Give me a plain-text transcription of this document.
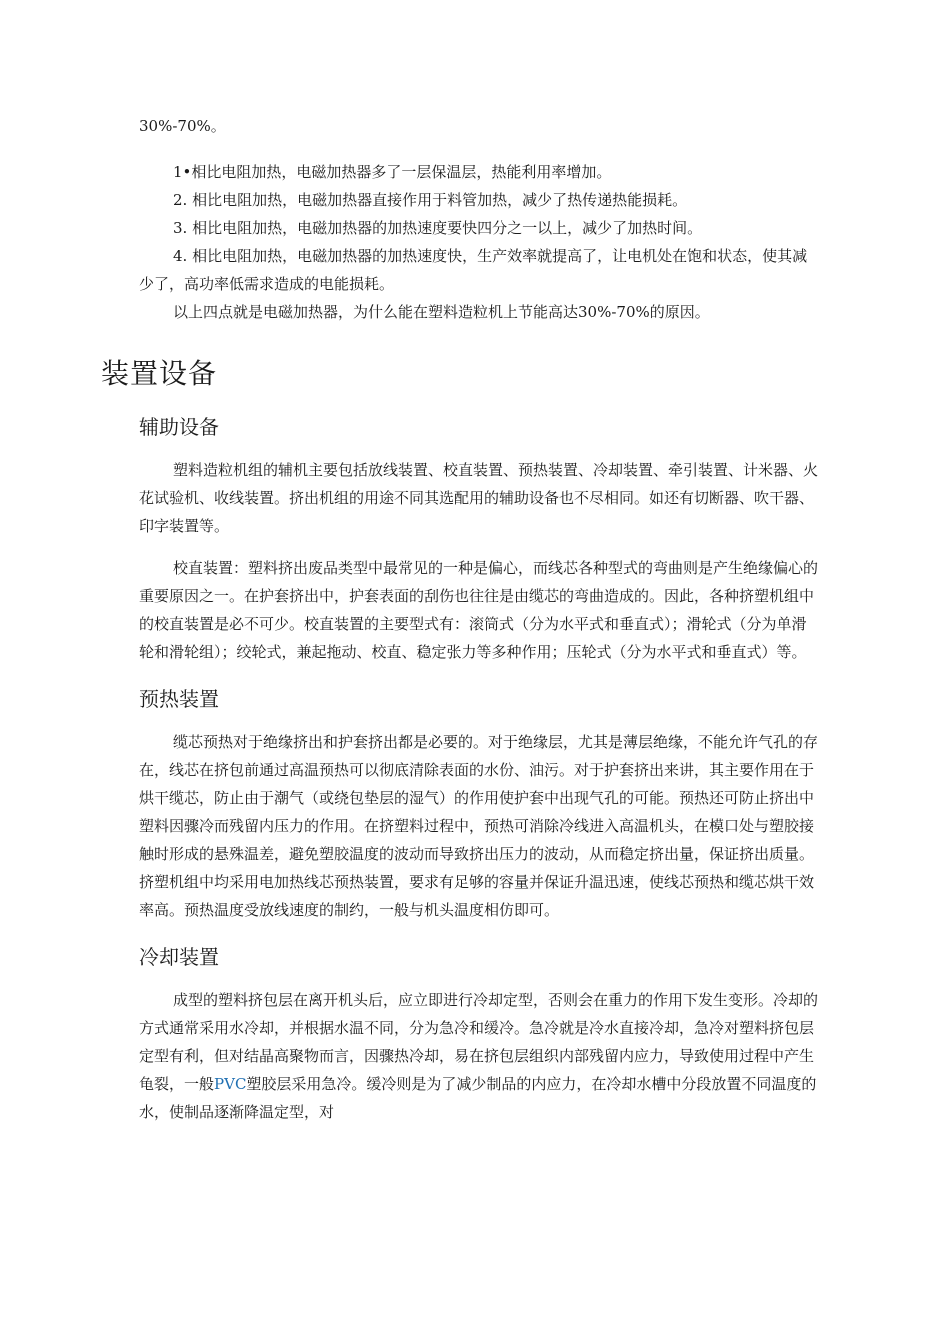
30%-70%。

1•相比电阻加热，电磁加热器多了一层保温层，热能利用率增加。
2. 相比电阻加热，电磁加热器直接作用于料管加热，减少了热传递热能损耗。
3. 相比电阻加热，电磁加热器的加热速度要快四分之一以上，减少了加热时间。
4. 相比电阻加热，电磁加热器的加热速度快，生产效率就提高了，让电机处在饱和状态，使其减少了，高功率低需求造成的电能损耗。

以上四点就是电磁加热器，为什么能在塑料造粒机上节能高达30%-70%的原因。

装置设备
辅助设备

塑料造粒机组的辅机主要包括放线装置、校直装置、预热装置、冷却装置、牵引装置、计米器、火花试验机、收线装置。挤出机组的用途不同其选配用的辅助设备也不尽相同。如还有切断器、吹干器、印字装置等。

校直装置：塑料挤出废品类型中最常见的一种是偏心，而线芯各种型式的弯曲则是产生绝缘偏心的重要原因之一。在护套挤出中，护套表面的刮伤也往往是由缆芯的弯曲造成的。因此，各种挤塑机组中的校直装置是必不可少。校直装置的主要型式有：滚筒式（分为水平式和垂直式）；滑轮式（分为单滑轮和滑轮组）；绞轮式，兼起拖动、校直、稳定张力等多种作用；压轮式（分为水平式和垂直式）等。

预热装置

缆芯预热对于绝缘挤出和护套挤出都是必要的。对于绝缘层，尤其是薄层绝缘，不能允许气孔的存在，线芯在挤包前通过高温预热可以彻底清除表面的水份、油污。对于护套挤出来讲，其主要作用在于烘干缆芯，防止由于潮气（或绕包垫层的湿气）的作用使护套中出现气孔的可能。预热还可防止挤出中塑料因骤冷而残留内压力的作用。在挤塑料过程中，预热可消除冷线进入高温机头，在模口处与塑胶接触时形成的悬殊温差，避免塑胶温度的波动而导致挤出压力的波动，从而稳定挤出量，保证挤出质量。挤塑机组中均采用电加热线芯预热装置，要求有足够的容量并保证升温迅速，使线芯预热和缆芯烘干效率高。预热温度受放线速度的制约，一般与机头温度相仿即可。

冷却装置

成型的塑料挤包层在离开机头后，应立即进行冷却定型，否则会在重力的作用下发生变形。冷却的方式通常采用水冷却，并根据水温不同，分为急冷和缓冷。急冷就是冷水直接冷却，急冷对塑料挤包层定型有利，但对结晶高聚物而言，因骤热冷却，易在挤包层组织内部残留内应力，导致使用过程中产生龟裂，一般PVC塑胶层采用急冷。缓冷则是为了减少制品的内应力，在冷却水槽中分段放置不同温度的水，使制品逐渐降温定型，对
